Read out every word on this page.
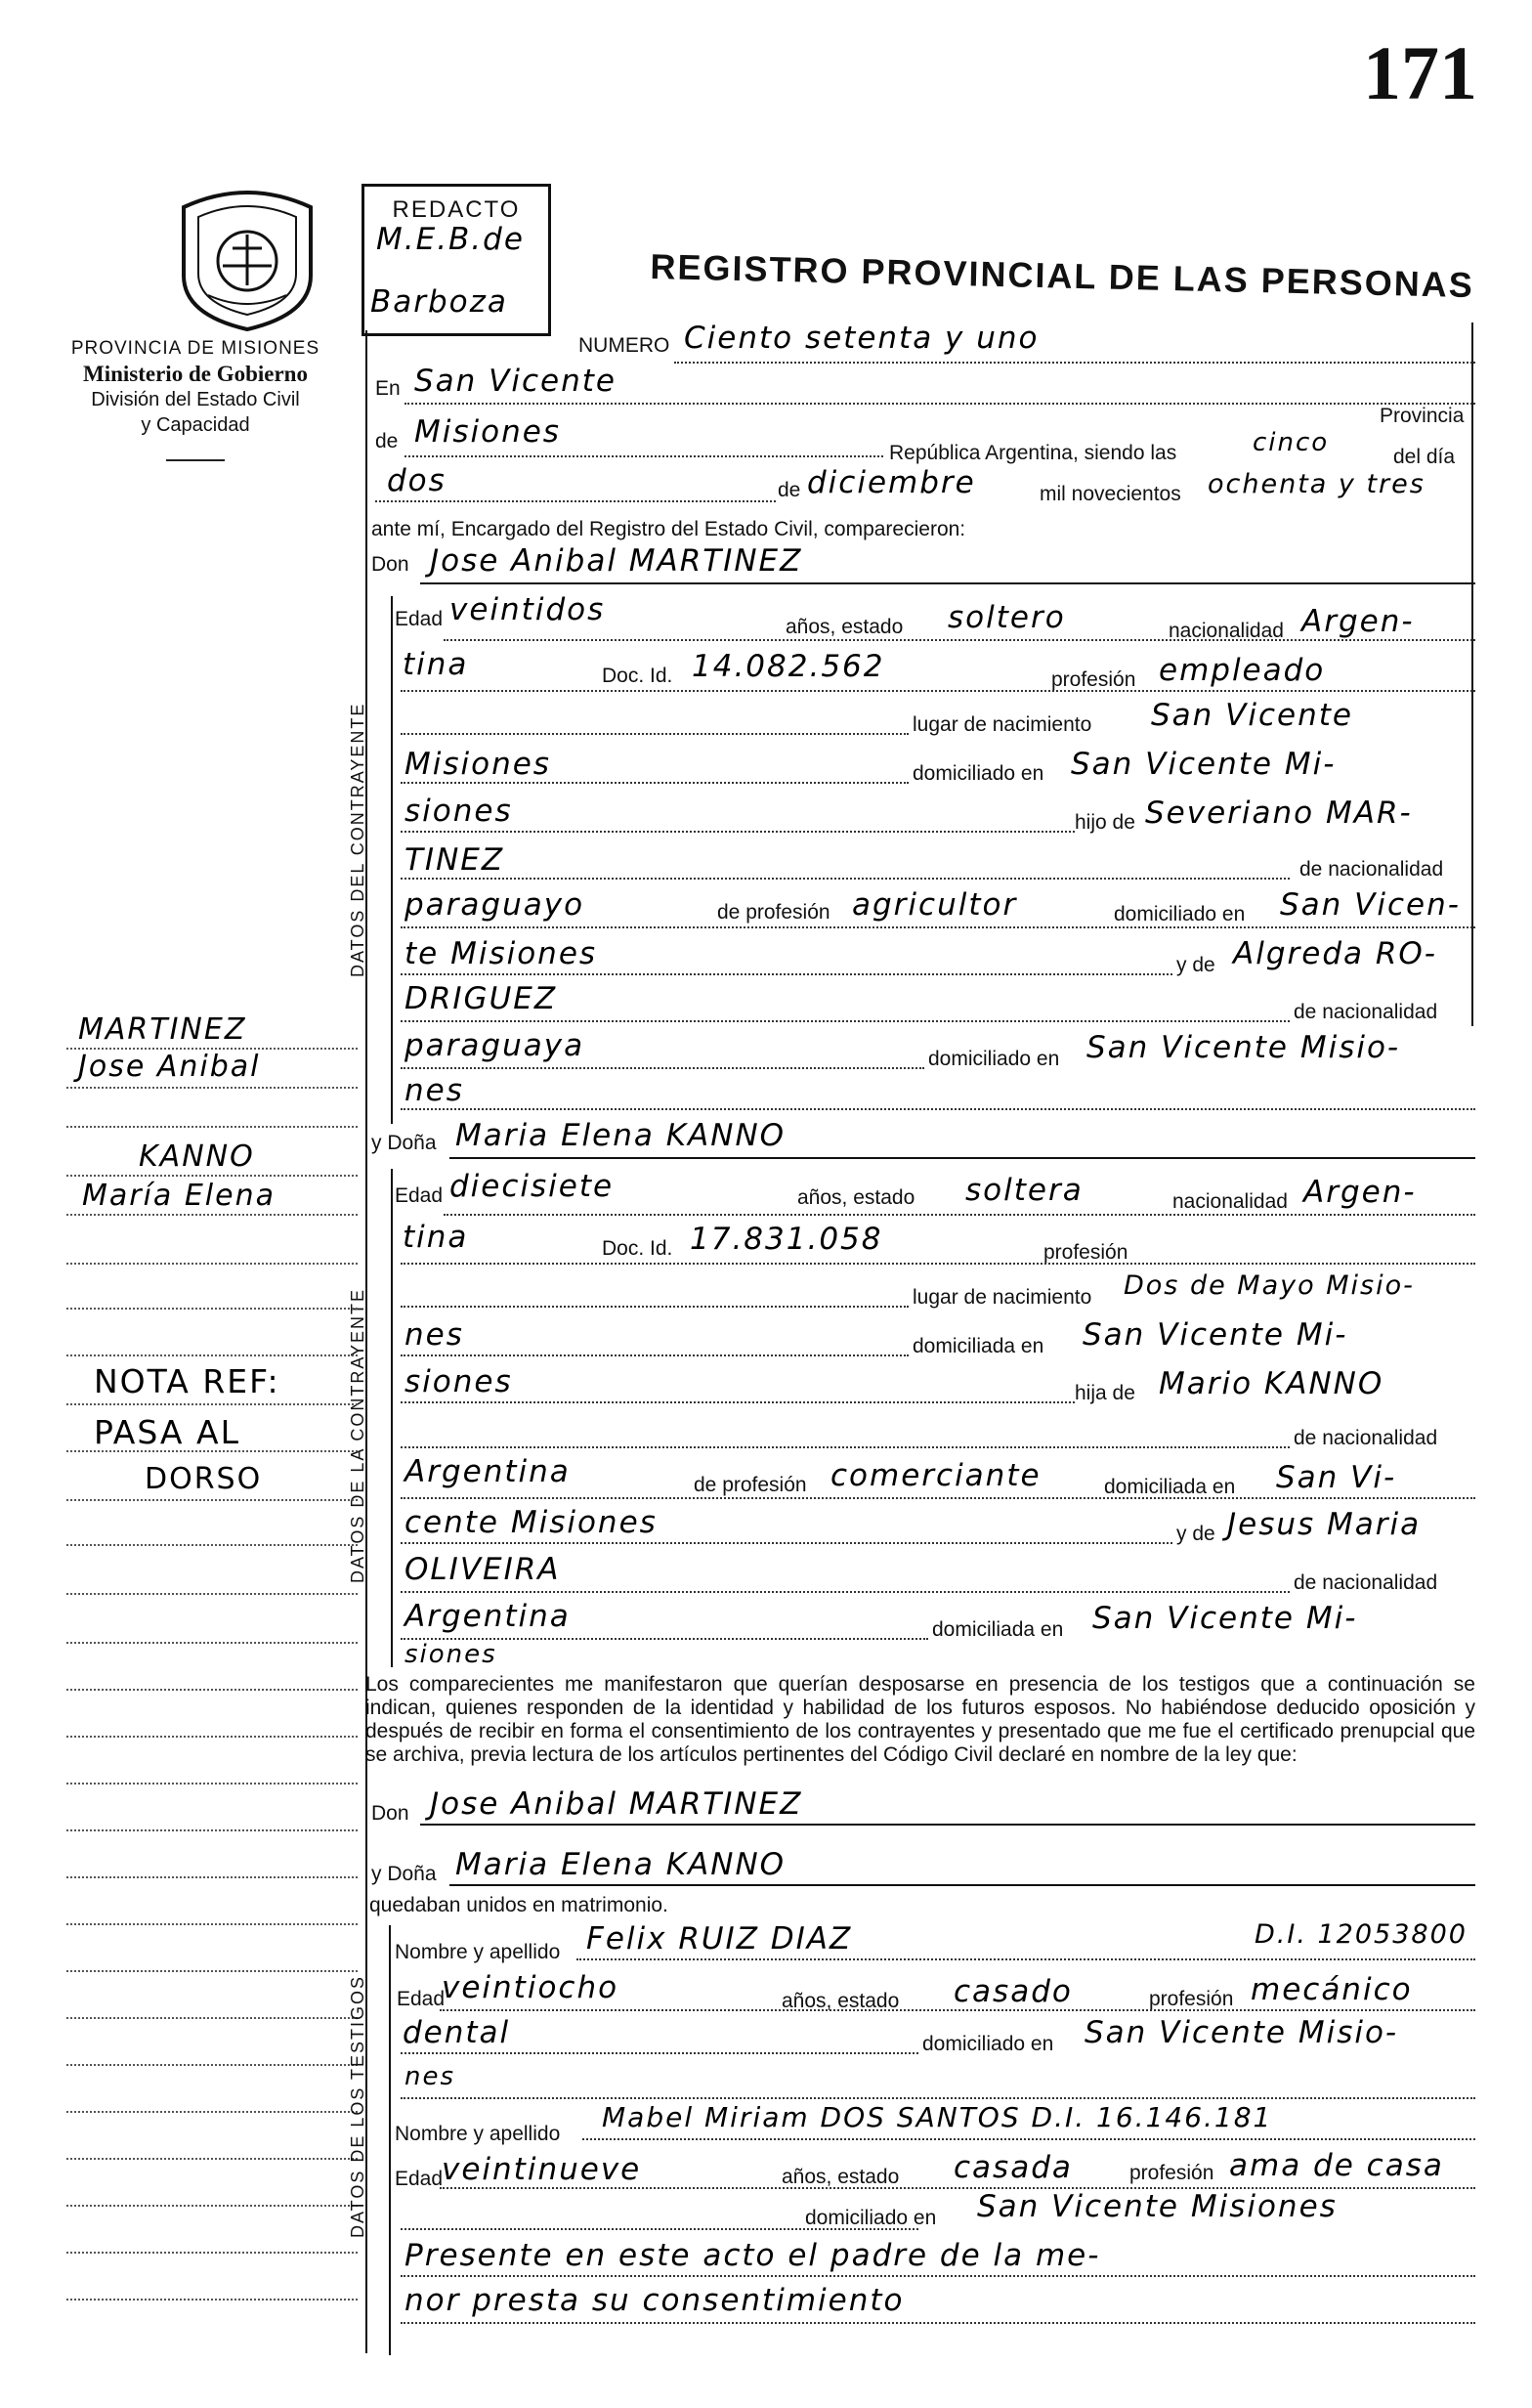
171
PROVINCIA DE MISIONES
Ministerio de Gobierno
División del Estado Civil
y Capacidad
REDACTO
M.E.B.de
Barboza	REGISTRO PROVINCIAL DE LAS PERSONAS
NUMERO Ciento setenta y uno
En San Vicente
Provincia
de Misiones
República Argentina, siendo las	cinco	del día
dos	de diciembre	mil novecientos ochenta y tres
ante mí, Encargado del Registro del Estado Civil, comparecieron:
Don Jose Anibal MARTINEZ
DATOS DEL CONTRAYENTE
Edad veintidos	años, estado soltero	nacionalidad Argen-
tina	Doc. Id. 14.082.562	profesión empleado
lugar de nacimiento San Vicente
Misiones	domiciliado en San Vicente Mi-
siones	hijo de Severiano MAR-
TINEZ	de nacionalidad
paraguayo	de profesión agricultor	domiciliado en San Vicen-
te Misiones	y de Algreda RO-
DRIGUEZ	de nacionalidad
paraguaya	domiciliado en San Vicente Misio-
nes
y Doña Maria Elena KANNO
DATOS DE LA CONTRAYENTE
Edad diecisiete	años, estado soltera	nacionalidad Argen-
tina	Doc. Id. 17.831.058	profesión
lugar de nacimiento Dos de Mayo Misio-
nes	domiciliada en San Vicente Mi-
siones	hija de Mario KANNO
de nacionalidad
Argentina	de profesión comerciante	domiciliada en San Vi-
cente Misiones	y de Jesus Maria
OLIVEIRA	de nacionalidad
Argentina	domiciliada en San Vicente Mi-
siones
MARTINEZ
Jose Anibal
KANNO
María Elena
NOTA REF:
PASA AL
DORSO
Los comparecientes me manifestaron que querían desposarse en presencia de los testigos que a continuación se indican, quienes responden de la identidad y habilidad de los futuros esposos. No habiéndose deducido oposición y después de recibir en forma el consentimiento de los contrayentes y presentado que me fue el certificado prenupcial que se archiva, previa lectura de los artículos pertinentes del Código Civil declaré en nombre de la ley que:
Don Jose Anibal MARTINEZ
y Doña Maria Elena KANNO
quedaban unidos en matrimonio.
DATOS DE LOS TESTIGOS
Nombre y apellido Felix RUIZ DIAZ	D.I. 12053800
Edad
veintiocho	años, estado casado	profesión mecánico
dental	domiciliado en San Vicente Misio-
nes
Nombre y apellido
Mabel Miriam DOS SANTOS D.I. 16.146.181
Edad
veintinueve	años, estado casada	profesión ama de casa
domiciliado en San Vicente Misiones
Presente en este acto el padre de la me-
nor presta su consentimiento
